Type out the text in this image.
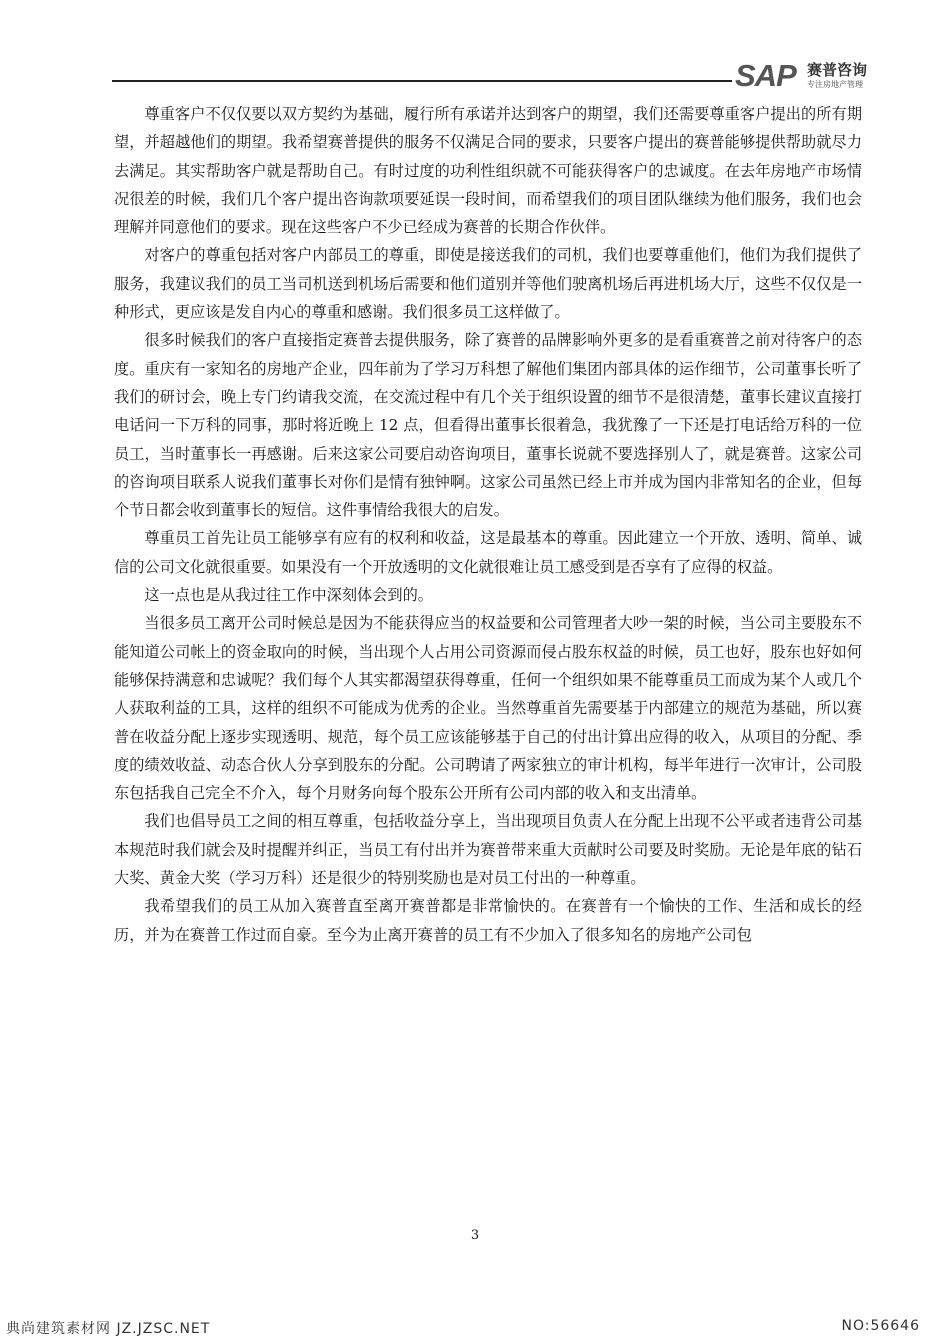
SAP 赛普咨询
专注房地产管理

尊重客户不仅仅要以双方契约为基础，履行所有承诺并达到客户的期望，我们还需要尊重客户提出的所有期望，并超越他们的期望。我希望赛普提供的服务不仅满足合同的要求，只要客户提出的赛普能够提供帮助就尽力去满足。其实帮助客户就是帮助自己。有时过度的功利性组织就不可能获得客户的忠诚度。在去年房地产市场情况很差的时候，我们几个客户提出咨询款项要延误一段时间，而希望我们的项目团队继续为他们服务，我们也会理解并同意他们的要求。现在这些客户不少已经成为赛普的长期合作伙伴。

对客户的尊重包括对客户内部员工的尊重，即使是接送我们的司机，我们也要尊重他们，他们为我们提供了服务，我建议我们的员工当司机送到机场后需要和他们道别并等他们驶离机场后再进机场大厅，这些不仅仅是一种形式，更应该是发自内心的尊重和感谢。我们很多员工这样做了。

很多时候我们的客户直接指定赛普去提供服务，除了赛普的品牌影响外更多的是看重赛普之前对待客户的态度。重庆有一家知名的房地产企业，四年前为了学习万科想了解他们集团内部具体的运作细节，公司董事长听了我们的研讨会，晚上专门约请我交流，在交流过程中有几个关于组织设置的细节不是很清楚，董事长建议直接打电话问一下万科的同事，那时将近晚上 12 点，但看得出董事长很着急，我犹豫了一下还是打电话给万科的一位员工，当时董事长一再感谢。后来这家公司要启动咨询项目，董事长说就不要选择别人了，就是赛普。这家公司的咨询项目联系人说我们董事长对你们是情有独钟啊。这家公司虽然已经上市并成为国内非常知名的企业，但每个节日都会收到董事长的短信。这件事情给我很大的启发。

尊重员工首先让员工能够享有应有的权利和收益，这是最基本的尊重。因此建立一个开放、透明、简单、诚信的公司文化就很重要。如果没有一个开放透明的文化就很难让员工感受到是否享有了应得的权益。

这一点也是从我过往工作中深刻体会到的。

当很多员工离开公司时候总是因为不能获得应当的权益要和公司管理者大吵一架的时候，当公司主要股东不能知道公司帐上的资金取向的时候，当出现个人占用公司资源而侵占股东权益的时候，员工也好，股东也好如何能够保持满意和忠诚呢？我们每个人其实都渴望获得尊重，任何一个组织如果不能尊重员工而成为某个人或几个人获取利益的工具，这样的组织不可能成为优秀的企业。当然尊重首先需要基于内部建立的规范为基础，所以赛普在收益分配上逐步实现透明、规范，每个员工应该能够基于自己的付出计算出应得的收入，从项目的分配、季度的绩效收益、动态合伙人分享到股东的分配。公司聘请了两家独立的审计机构，每半年进行一次审计，公司股东包括我自己完全不介入，每个月财务向每个股东公开所有公司内部的收入和支出清单。

我们也倡导员工之间的相互尊重，包括收益分享上，当出现项目负责人在分配上出现不公平或者违背公司基本规范时我们就会及时提醒并纠正，当员工有付出并为赛普带来重大贡献时公司要及时奖励。无论是年底的钻石大奖、黄金大奖（学习万科）还是很少的特别奖励也是对员工付出的一种尊重。

我希望我们的员工从加入赛普直至离开赛普都是非常愉快的。在赛普有一个愉快的工作、生活和成长的经历，并为在赛普工作过而自豪。至今为止离开赛普的员工有不少加入了很多知名的房地产公司包

3
典尚建筑素材网 JZ.JZSC.NET	NO:56646
